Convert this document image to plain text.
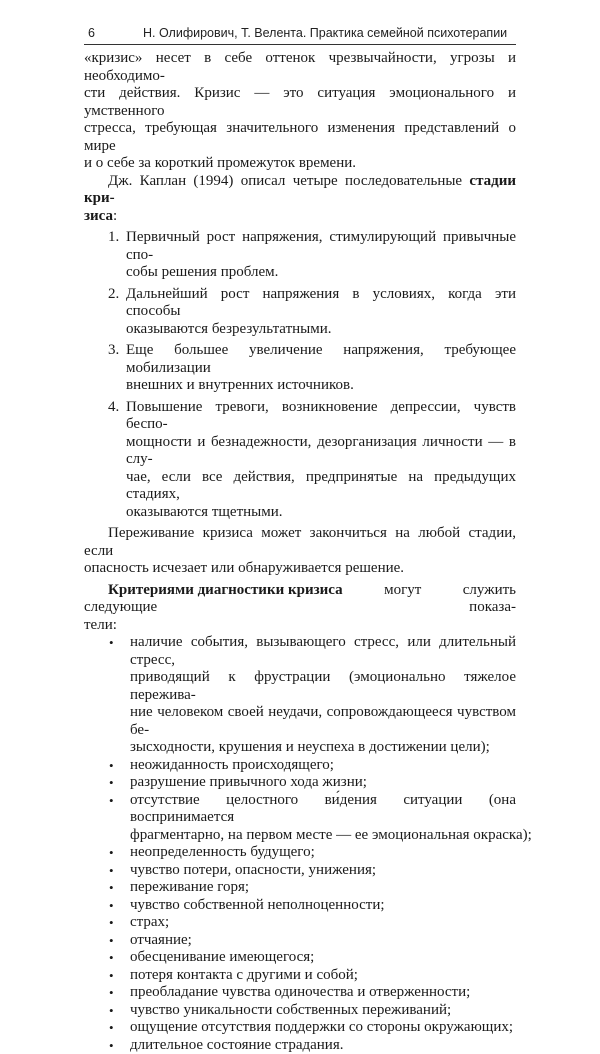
6	Н. Олифирович, Т. Велента. Практика семейной психотерапии

«кризис» несет в себе оттенок чрезвычайности, угрозы и необходимо-
сти действия. Кризис — это ситуация эмоционального и умственного
стресса, требующая значительного изменения представлений о мире
и о себе за короткий промежуток времени.

Дж. Каплан (1994) описал четыре последовательные стадии кри-
зиса:

1. Первичный рост напряжения, стимулирующий привычные спо-
собы решения проблем.
2. Дальнейший рост напряжения в условиях, когда эти способы
оказываются безрезультатными.
3. Еще большее увеличение напряжения, требующее мобилизации
внешних и внутренних источников.
4. Повышение тревоги, возникновение депрессии, чувств беспо-
мощности и безнадежности, дезорганизация личности — в слу-
чае, если все действия, предпринятые на предыдущих стадиях,
оказываются тщетными.

Переживание кризиса может закончиться на любой стадии, если
опасность исчезает или обнаруживается решение.

Критериями диагностики кризиса могут служить следующие показа-
тели:

• наличие события, вызывающего стресс, или длительный стресс,
приводящий к фрустрации (эмоционально тяжелое пережива-
ние человеком своей неудачи, сопровождающееся чувством бе-
зысходности, крушения и неуспеха в достижении цели);
• неожиданность происходящего;
• разрушение привычного хода жизни;
• отсутствие целостного ви́дения ситуации (она воспринимается
фрагментарно, на первом месте — ее эмоциональная окраска);
• неопределенность будущего;
• чувство потери, опасности, унижения;
• переживание горя;
• чувство собственной неполноценности;
• страх;
• отчаяние;
• обесценивание имеющегося;
• потеря контакта с другими и собой;
• преобладание чувства одиночества и отверженности;
• чувство уникальности собственных переживаний;
• ощущение отсутствия поддержки со стороны окружающих;
• длительное состояние страдания.
